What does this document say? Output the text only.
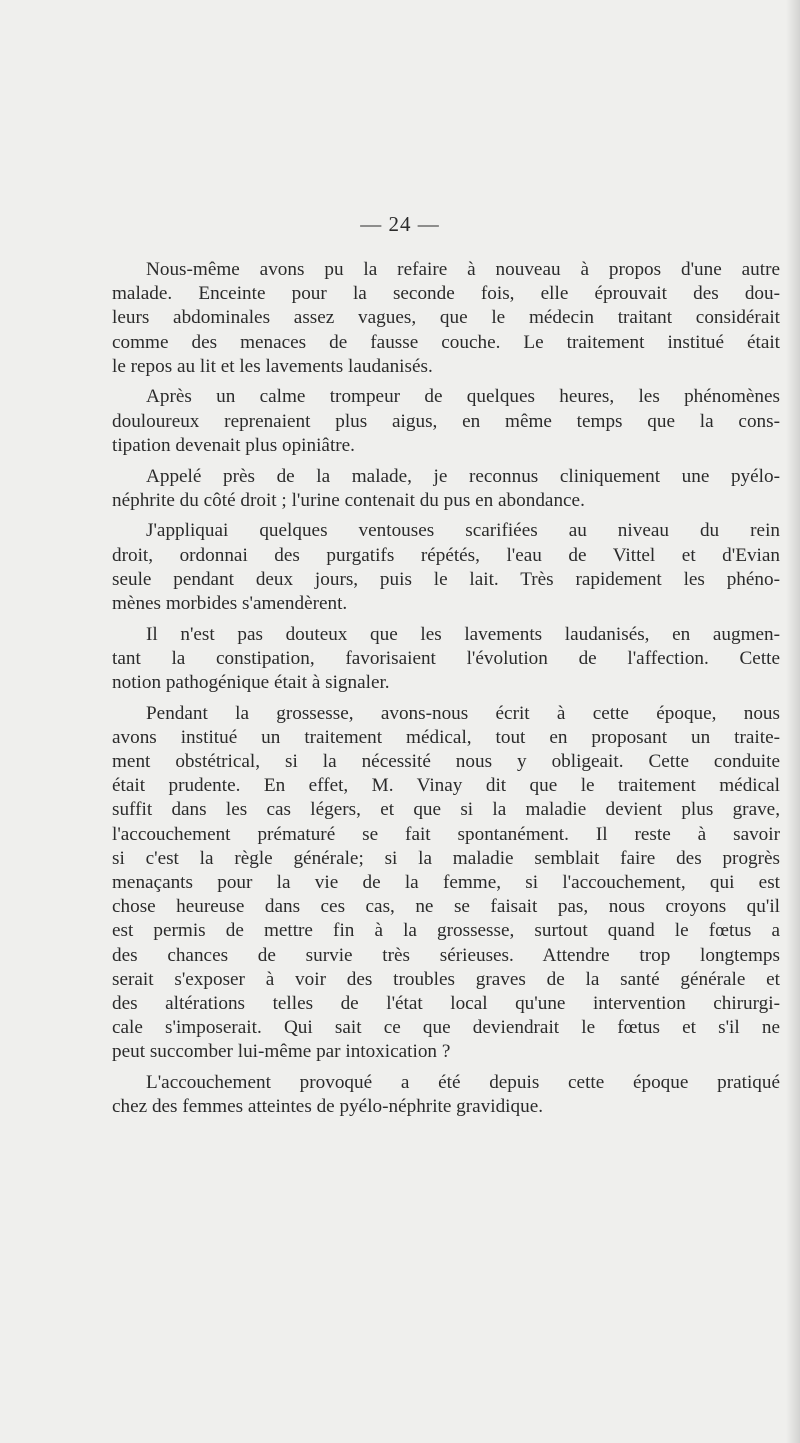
— 24 —
Nous-même avons pu la refaire à nouveau à propos d'une autre
malade. Enceinte pour la seconde fois, elle éprouvait des dou-
leurs abdominales assez vagues, que le médecin traitant considérait
comme des menaces de fausse couche. Le traitement institué était
le repos au lit et les lavements laudanisés.
Après un calme trompeur de quelques heures, les phénomènes
douloureux reprenaient plus aigus, en même temps que la cons-
tipation devenait plus opiniâtre.
Appelé près de la malade, je reconnus cliniquement une pyélo-
néphrite du côté droit ; l'urine contenait du pus en abondance.
J'appliquai quelques ventouses scarifiées au niveau du rein
droit, ordonnai des purgatifs répétés, l'eau de Vittel et d'Evian
seule pendant deux jours, puis le lait. Très rapidement les phéno-
mènes morbides s'amendèrent.
Il n'est pas douteux que les lavements laudanisés, en augmen-
tant la constipation, favorisaient l'évolution de l'affection. Cette
notion pathogénique était à signaler.
Pendant la grossesse, avons-nous écrit à cette époque, nous
avons institué un traitement médical, tout en proposant un traite-
ment obstétrical, si la nécessité nous y obligeait. Cette conduite
était prudente. En effet, M. Vinay dit que le traitement médical
suffit dans les cas légers, et que si la maladie devient plus grave,
l'accouchement prématuré se fait spontanément. Il reste à savoir
si c'est la règle générale; si la maladie semblait faire des progrès
menaçants pour la vie de la femme, si l'accouchement, qui est
chose heureuse dans ces cas, ne se faisait pas, nous croyons qu'il
est permis de mettre fin à la grossesse, surtout quand le fœtus a
des chances de survie très sérieuses. Attendre trop longtemps
serait s'exposer à voir des troubles graves de la santé générale et
des altérations telles de l'état local qu'une intervention chirurgi-
cale s'imposerait. Qui sait ce que deviendrait le fœtus et s'il ne
peut succomber lui-même par intoxication ?
L'accouchement provoqué a été depuis cette époque pratiqué
chez des femmes atteintes de pyélo-néphrite gravidique.
